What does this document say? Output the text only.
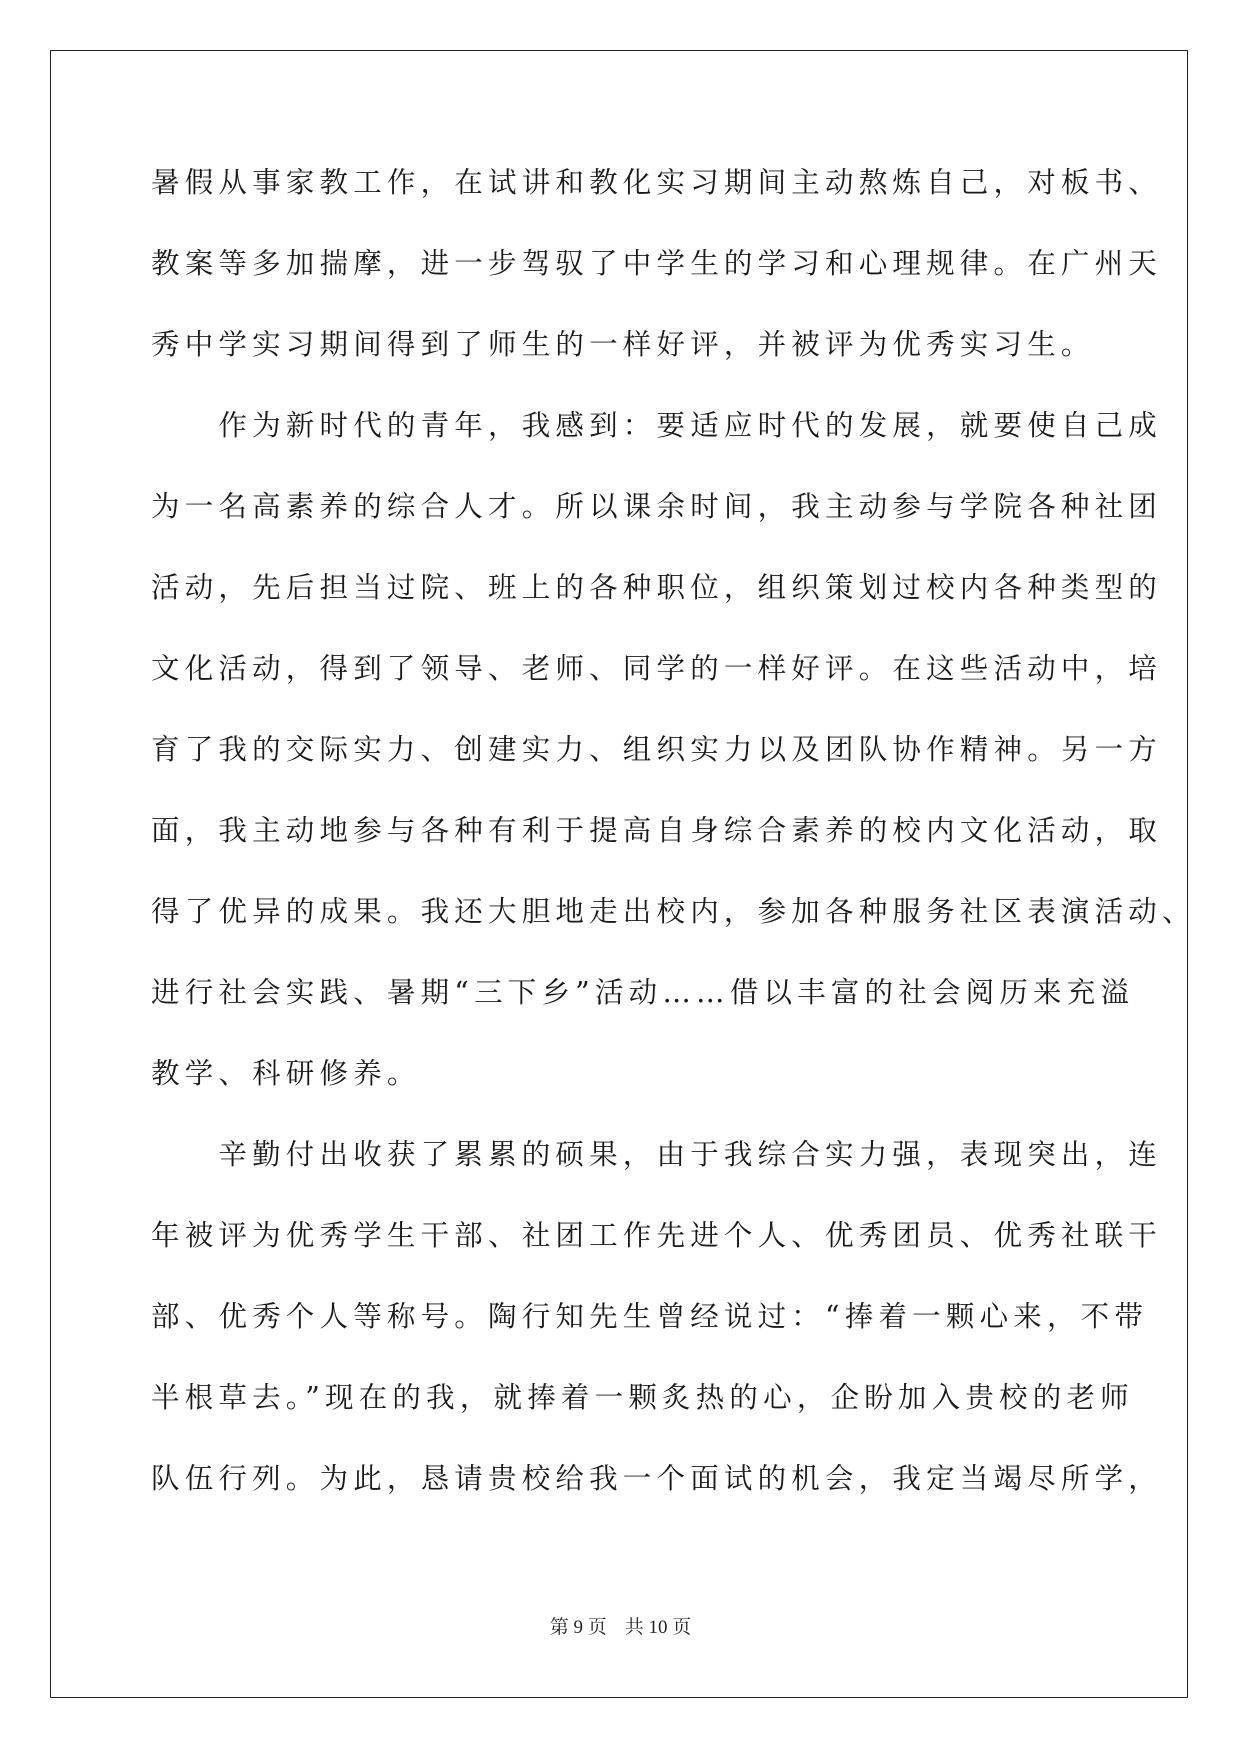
暑假从事家教工作，在试讲和教化实习期间主动熬炼自己，对板书、
教案等多加揣摩，进一步驾驭了中学生的学习和心理规律。在广州天
秀中学实习期间得到了师生的一样好评，并被评为优秀实习生。
　　作为新时代的青年，我感到：要适应时代的发展，就要使自己成
为一名高素养的综合人才。所以课余时间，我主动参与学院各种社团
活动，先后担当过院、班上的各种职位，组织策划过校内各种类型的
文化活动，得到了领导、老师、同学的一样好评。在这些活动中，培
育了我的交际实力、创建实力、组织实力以及团队协作精神。另一方
面，我主动地参与各种有利于提高自身综合素养的校内文化活动，取
得了优异的成果。我还大胆地走出校内，参加各种服务社区表演活动、
进行社会实践、暑期“三下乡”活动……借以丰富的社会阅历来充溢
教学、科研修养。
　　辛勤付出收获了累累的硕果，由于我综合实力强，表现突出，连
年被评为优秀学生干部、社团工作先进个人、优秀团员、优秀社联干
部、优秀个人等称号。陶行知先生曾经说过：“捧着一颗心来，不带
半根草去。”现在的我，就捧着一颗炙热的心，企盼加入贵校的老师
队伍行列。为此，恳请贵校给我一个面试的机会，我定当竭尽所学，
第 9 页 共 10 页
